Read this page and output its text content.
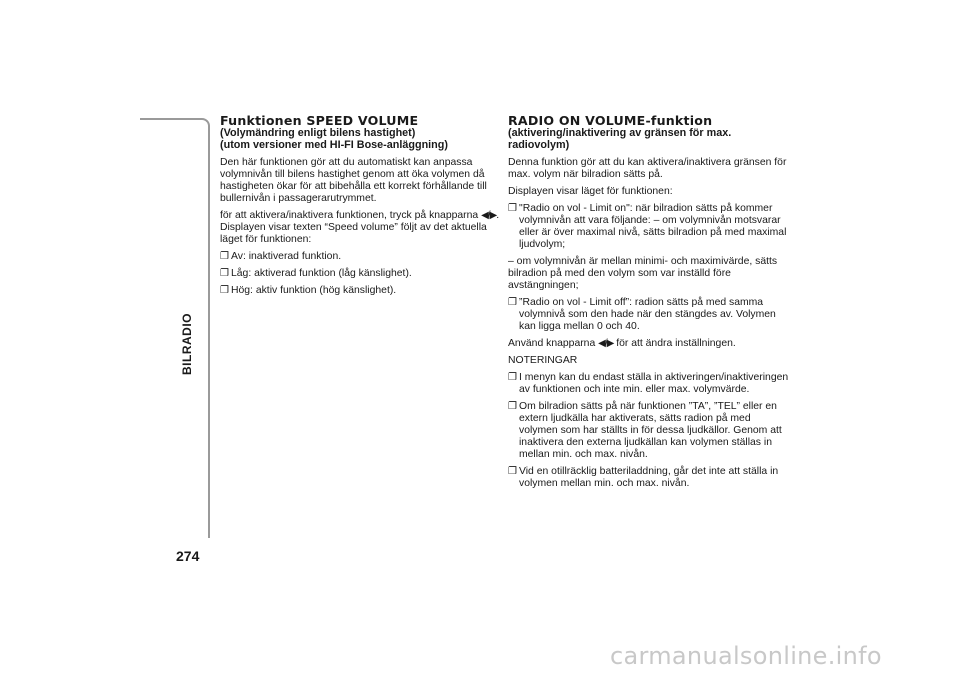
BILRADIO
274
Funktionen SPEED VOLUME
(Volymändring enligt bilens hastighet)
(utom versioner med HI-FI Bose-anläggning)

Den här funktionen gör att du automatiskt kan anpassa volymnivån till bilens hastighet genom att öka volymen då hastigheten ökar för att bibehålla ett korrekt förhållande till bullernivån i passagerarutrymmet.

för att aktivera/inaktivera funktionen, tryck på knapparna ◀/▶. Displayen visar texten “Speed volume” följt av det aktuella läget för funktionen:

❐ Av: inaktiverad funktion.
❐ Låg: aktiverad funktion (låg känslighet).
❐ Hög: aktiv funktion (hög känslighet).
RADIO ON VOLUME-funktion
(aktivering/inaktivering av gränsen för max. radiovolym)

Denna funktion gör att du kan aktivera/inaktivera gränsen för max. volym när bilradion sätts på.

Displayen visar läget för funktionen:

❐ "Radio on vol - Limit on": när bilradion sätts på kommer volymnivån att vara följande: – om volymnivån motsvarar eller är över maximal nivå, sätts bilradion på med maximal ljudvolym;

– om volymnivån är mellan minimi- och maximivärde, sätts bilradion på med den volym som var inställd före avstängningen;

❐ ”Radio on vol - Limit off”: radion sätts på med samma volymnivå som den hade när den stängdes av. Volymen kan ligga mellan 0 och 40.

Använd knapparna ◀/▶ för att ändra inställningen.

NOTERINGAR

❐ I menyn kan du endast ställa in aktiveringen/inaktiveringen av funktionen och inte min. eller max. volymvärde.
❐ Om bilradion sätts på när funktionen ”TA”, ”TEL” eller en extern ljudkälla har aktiverats, sätts radion på med volymen som har ställts in för dessa ljudkällor. Genom att inaktivera den externa ljudkällan kan volymen ställas in mellan min. och max. nivån.
❐ Vid en otillräcklig batteriladdning, går det inte att ställa in volymen mellan min. och max. nivån.
carmanualsonline.info
